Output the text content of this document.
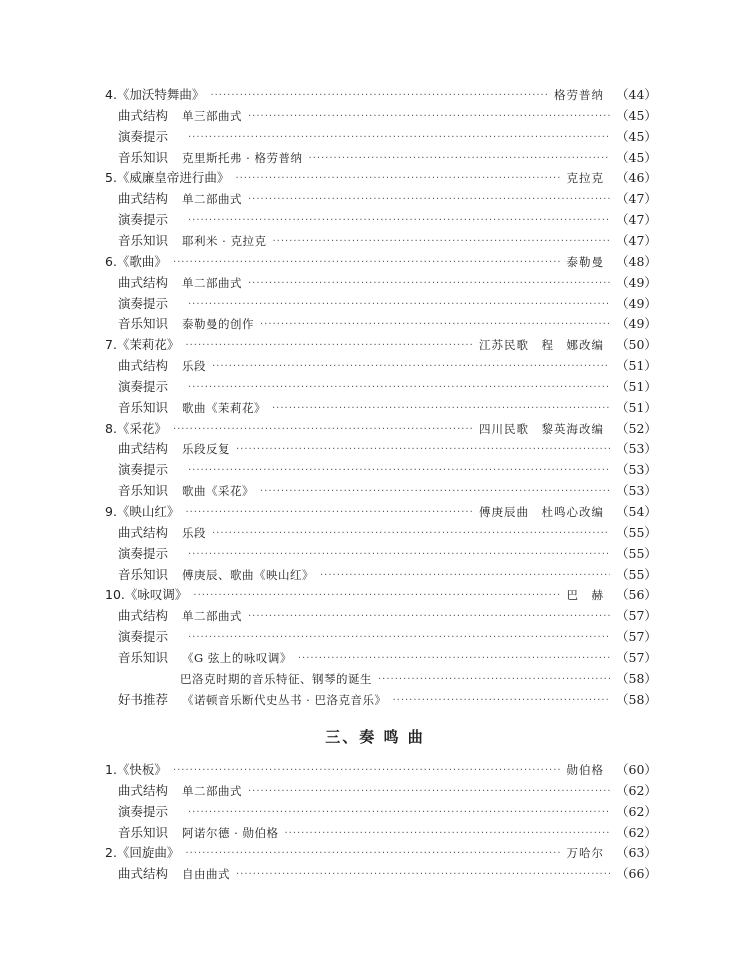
4.《加沃特舞曲》 ·····	格劳普纳 （44）
曲式结构	单三部曲式 ·····	（45）
演奏提示 ·····	（45）
音乐知识	克里斯托弗 · 格劳普纳 ·····	（45）
5.《威廉皇帝进行曲》 ·····	克拉克 （46）
曲式结构	单二部曲式 ·····	（47）
演奏提示 ·····	（47）
音乐知识	耶利米 · 克拉克 ·····	（47）
6.《歌曲》 ·····	泰勒曼 （48）
曲式结构	单二部曲式 ·····	（49）
演奏提示 ·····	（49）
音乐知识	泰勒曼的创作 ·····	（49）
7.《茉莉花》 ·····	江苏民歌　程　娜改编 （50）
曲式结构	乐段 ·····	（51）
演奏提示 ·····	（51）
音乐知识	歌曲《茉莉花》 ·····	（51）
8.《采花》 ·····	四川民歌　黎英海改编 （52）
曲式结构	乐段反复 ·····	（53）
演奏提示 ·····	（53）
音乐知识	歌曲《采花》 ·····	（53）
9.《映山红》 ·····	傅庚辰曲　杜鸣心改编 （54）
曲式结构	乐段 ·····	（55）
演奏提示 ·····	（55）
音乐知识	傅庚辰、歌曲《映山红》 ·····	（55）
10.《咏叹调》 ·····	巴　赫 （56）
曲式结构	单二部曲式 ·····	（57）
演奏提示 ·····	（57）
音乐知识	《G 弦上的咏叹调》 ·····	（57）
巴洛克时期的音乐特征、钢琴的诞生 ·····	（58）
好书推荐	《诺顿音乐断代史丛书 · 巴洛克音乐》 ·····	（58）
1.《快板》 ·····	勋伯格 （60）
曲式结构	单二部曲式 ·····	（62）
演奏提示 ·····	（62）
音乐知识	阿诺尔德 · 勋伯格 ·····	（62）
2.《回旋曲》 ·····	万哈尔 （63）
曲式结构	自由曲式 ·····	（66）
三、奏 鸣 曲
